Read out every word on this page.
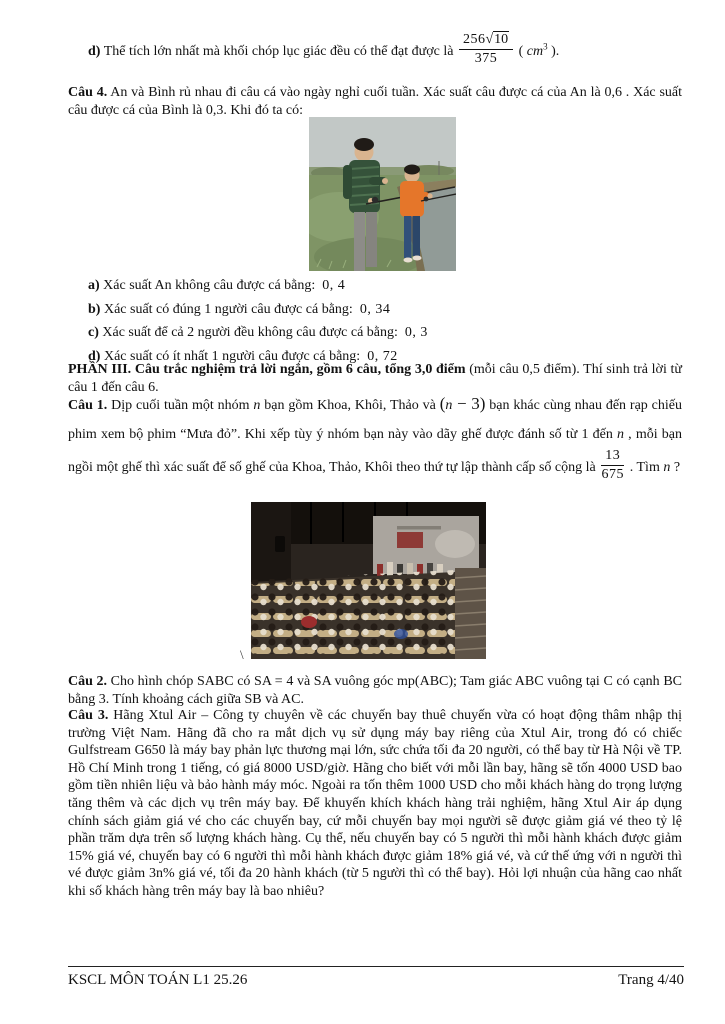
d) Thể tích lớn nhất mà khối chóp lục giác đều có thể đạt được là $\frac{256√10}{375}$ ( $cm^3$ ).
Câu 4. An và Bình rủ nhau đi câu cá vào ngày nghỉ cuối tuần. Xác suất câu được cá của An là 0,6 . Xác suất câu được cá của Bình là 0,3. Khi đó ta có:
a) Xác suất An không câu được cá bằng: 0, 4
b) Xác suất có đúng 1 người câu được cá bằng: 0, 34
c) Xác suất để cả 2 người đều không câu được cá bằng: 0, 3
d) Xác suất có ít nhất 1 người câu được cá bằng: 0, 72
PHẦN III. Câu trắc nghiệm trả lời ngắn, gồm 6 câu, tổng 3,0 điểm (mỗi câu 0,5 điểm). Thí sinh trả lời từ câu 1 đến câu 6.
Câu 1. Dịp cuối tuần một nhóm n bạn gồm Khoa, Khôi, Thảo và (n − 3) bạn khác cùng nhau đến rạp chiếu phim xem bộ phim “Mưa đỏ”. Khi xếp tùy ý nhóm bạn này vào dãy ghế được đánh số từ 1 đến n , mỗi bạn ngồi một ghế thì xác suất để số ghế của Khoa, Thảo, Khôi theo thứ tự lập thành cấp số cộng là $\frac{13}{675}$ . Tìm n ?
\
Câu 2. Cho hình chóp SABC có SA = 4 và SA vuông góc mp(ABC); Tam giác ABC vuông tại C có cạnh BC bằng 3. Tính khoảng cách giữa SB và AC.
Câu 3. Hãng Xtul Air – Công ty chuyên về các chuyến bay thuê chuyến vừa có hoạt động thâm nhập thị trường Việt Nam. Hãng đã cho ra mắt dịch vụ sử dụng máy bay riêng của Xtul Air, trong đó có chiếc Gulfstream G650 là máy bay phản lực thương mại lớn, sức chứa tối đa 20 người, có thể bay từ Hà Nội về TP. Hồ Chí Minh trong 1 tiếng, có giá 8000 USD/giờ. Hãng cho biết với mỗi lần bay, hãng sẽ tốn 4000 USD bao gồm tiền nhiên liệu và bảo hành máy móc. Ngoài ra tốn thêm 1000 USD cho mỗi khách hàng do trọng lượng tăng thêm và các dịch vụ trên máy bay. Để khuyến khích khách hàng trải nghiệm, hãng Xtul Air áp dụng chính sách giảm giá vé cho các chuyến bay, cứ mỗi chuyến bay mọi người sẽ được giảm giá vé theo tỷ lệ phần trăm dựa trên số lượng khách hàng. Cụ thể, nếu chuyến bay có 5 người thì mỗi hành khách được giảm 15% giá vé, chuyến bay có 6 người thì mỗi hành khách được giảm 18% giá vé, và cứ thế ứng với n người thì vé được giảm 3n% giá vé, tối đa 20 hành khách (từ 5 người thì có thể bay). Hỏi lợi nhuận của hãng cao nhất khi số khách hàng trên máy bay là bao nhiêu?
KSCL MÔN TOÁN L1 25.26	Trang 4/40
